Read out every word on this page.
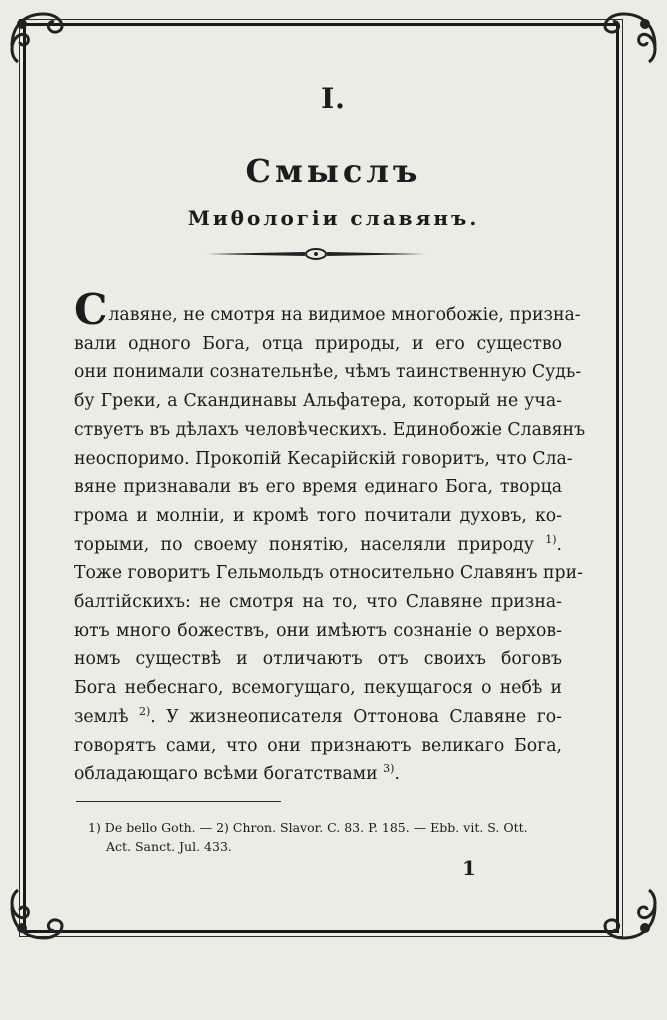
I.
Смыслъ
Миθологіи славянъ.
Славяне, не смотря на видимое многобожіе, призна-
вали одного Бога, отца природы, и его существо
они понимали сознательнѣе, чѣмъ таинственную Судь-
бу Греки, а Скандинавы Альфатера, который не уча-
ствуетъ въ дѣлахъ человѣческихъ. Единобожіе Славянъ
неоспоримо. Прокопій Кесарійскій говоритъ, что Сла-
вяне признавали въ его время единаго Бога, творца
грома и молніи, и кромѣ того почитали духовъ, ко-
торыми, по своему понятію, населяли природу $^{1)}$.
Тоже говоритъ Гельмольдъ относительно Славянъ при-
балтійскихъ: не смотря на то, что Славяне призна-
ютъ много божествъ, они имѣютъ сознаніе о верхов-
номъ существѣ и отличаютъ отъ своихъ боговъ
Бога небеснаго, всемогущаго, пекущагося о небѣ и
землѣ $^{2)}$. У жизнеописателя Оттонова Славяне го-
говорятъ сами, что они признаютъ великаго Бога,
обладающаго всѣми богатствами $^{3)}$.
1) De bello Goth. — 2) Chron. Slavor. C. 83. P. 185. — Ebb. vit. S. Ott.
Act. Sanct. Jul. 433.
1
